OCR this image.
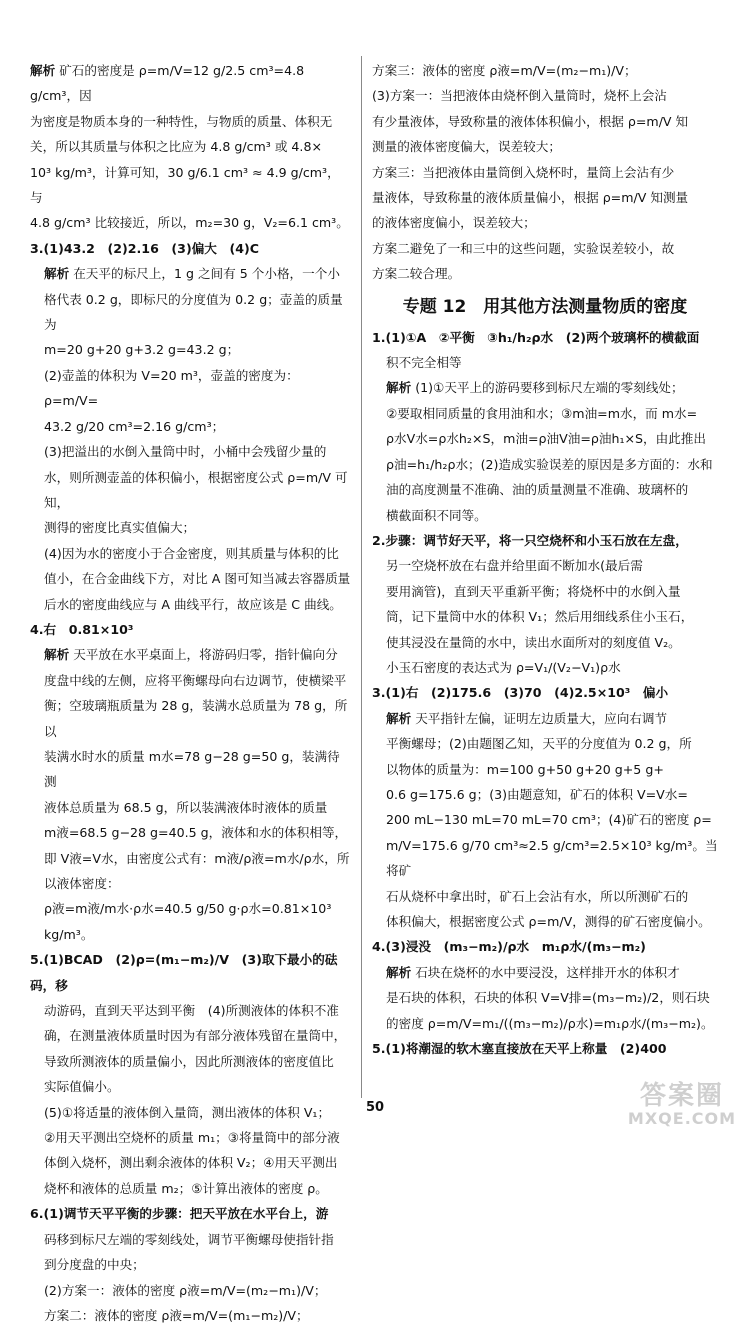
解析 矿石的密度是 ρ=m/V=12 g/2.5 cm³=4.8 g/cm³，因

为密度是物质本身的一种特性，与物质的质量、体积无

关，所以其质量与体积之比应为 4.8 g/cm³ 或 4.8×

10³ kg/m³，计算可知，30 g/6.1 cm³ ≈ 4.9 g/cm³，与

4.8 g/cm³ 比较接近，所以，m₂=30 g，V₂=6.1 cm³。

3.(1)43.2　(2)2.16　(3)偏大　(4)C

解析 在天平的标尺上，1 g 之间有 5 个小格，一个小

格代表 0.2 g，即标尺的分度值为 0.2 g；壶盖的质量为

m=20 g+20 g+3.2 g=43.2 g；

(2)壶盖的体积为 V=20 m³，壶盖的密度为：ρ=m/V=

43.2 g/20 cm³=2.16 g/cm³；

(3)把溢出的水倒入量筒中时，小桶中会残留少量的

水，则所测壶盖的体积偏小，根据密度公式 ρ=m/V 可知，

测得的密度比真实值偏大；

(4)因为水的密度小于合金密度，则其质量与体积的比

值小，在合金曲线下方，对比 A 图可知当减去容器质量

后水的密度曲线应与 A 曲线平行，故应该是 C 曲线。

4.右　0.81×10³

解析 天平放在水平桌面上，将游码归零，指针偏向分

度盘中线的左侧，应将平衡螺母向右边调节，使横梁平

衡；空玻璃瓶质量为 28 g，装满水总质量为 78 g，所以

装满水时水的质量 m水=78 g−28 g=50 g，装满待测

液体总质量为 68.5 g，所以装满液体时液体的质量

m液=68.5 g−28 g=40.5 g，液体和水的体积相等，

即 V液=V水，由密度公式有：m液/ρ液=m水/ρ水，所以液体密度：

ρ液=m液/m水·ρ水=40.5 g/50 g·ρ水=0.81×10³ kg/m³。

5.(1)BCAD　(2)ρ=(m₁−m₂)/V　(3)取下最小的砝码，移

动游码，直到天平达到平衡　(4)所测液体的体积不准

确，在测量液体质量时因为有部分液体残留在量筒中，

导致所测液体的质量偏小，因此所测液体的密度值比

实际值偏小。

(5)①将适量的液体倒入量筒，测出液体的体积 V₁；

②用天平测出空烧杯的质量 m₁；③将量筒中的部分液

体倒入烧杯，测出剩余液体的体积 V₂；④用天平测出

烧杯和液体的总质量 m₂；⑤计算出液体的密度 ρ。

6.(1)调节天平平衡的步骤：把天平放在水平台上，游

码移到标尺左端的零刻线处，调节平衡螺母使指针指

到分度盘的中央；

(2)方案一：液体的密度 ρ液=m/V=(m₂−m₁)/V；

方案二：液体的密度 ρ液=m/V=(m₁−m₂)/V；

方案三：液体的密度 ρ液=m/V=(m₂−m₁)/V；

(3)方案一：当把液体由烧杯倒入量筒时，烧杯上会沾

有少量液体，导致称量的液体体积偏小，根据 ρ=m/V 知

测量的液体密度偏大，误差较大；

方案三：当把液体由量筒倒入烧杯时，量筒上会沾有少

量液体，导致称量的液体质量偏小，根据 ρ=m/V 知测量

的液体密度偏小，误差较大；

方案二避免了一和三中的这些问题，实验误差较小，故

方案二较合理。

专题 12　用其他方法测量物质的密度

1.(1)①A　②平衡　③h₁/h₂ρ水　(2)两个玻璃杯的横截面

积不完全相等

解析 (1)①天平上的游码要移到标尺左端的零刻线处；

②要取相同质量的食用油和水；③m油=m水，而 m水=

ρ水V水=ρ水h₂×S，m油=ρ油V油=ρ油h₁×S，由此推出

ρ油=h₁/h₂ρ水；(2)造成实验误差的原因是多方面的：水和

油的高度测量不准确、油的质量测量不准确、玻璃杯的

横截面积不同等。

2.步骤：调节好天平，将一只空烧杯和小玉石放在左盘，

另一空烧杯放在右盘并给里面不断加水(最后需

要用滴管)，直到天平重新平衡；将烧杯中的水倒入量

筒，记下量筒中水的体积 V₁；然后用细线系住小玉石，

使其浸没在量筒的水中，读出水面所对的刻度值 V₂。

小玉石密度的表达式为 ρ=V₁/(V₂−V₁)ρ水

3.(1)右　(2)175.6　(3)70　(4)2.5×10³　偏小

解析 天平指针左偏，证明左边质量大，应向右调节

平衡螺母；(2)由题图乙知，天平的分度值为 0.2 g，所

以物体的质量为：m=100 g+50 g+20 g+5 g+

0.6 g=175.6 g；(3)由题意知，矿石的体积 V=V水=

200 mL−130 mL=70 mL=70 cm³；(4)矿石的密度 ρ=

m/V=175.6 g/70 cm³≈2.5 g/cm³=2.5×10³ kg/m³。当将矿

石从烧杯中拿出时，矿石上会沾有水，所以所测矿石的

体积偏大，根据密度公式 ρ=m/V，测得的矿石密度偏小。

4.(3)浸没　(m₃−m₂)/ρ水　m₁ρ水/(m₃−m₂)

解析 石块在烧杯的水中要浸没，这样排开水的体积才

是石块的体积，石块的体积 V=V排=(m₃−m₂)/2，则石块

的密度 ρ=m/V=m₁/((m₃−m₂)/ρ水)=m₁ρ水/(m₃−m₂)。

5.(1)将潮湿的软木塞直接放在天平上称量　(2)400

50	答案圈
MXQE.COM
